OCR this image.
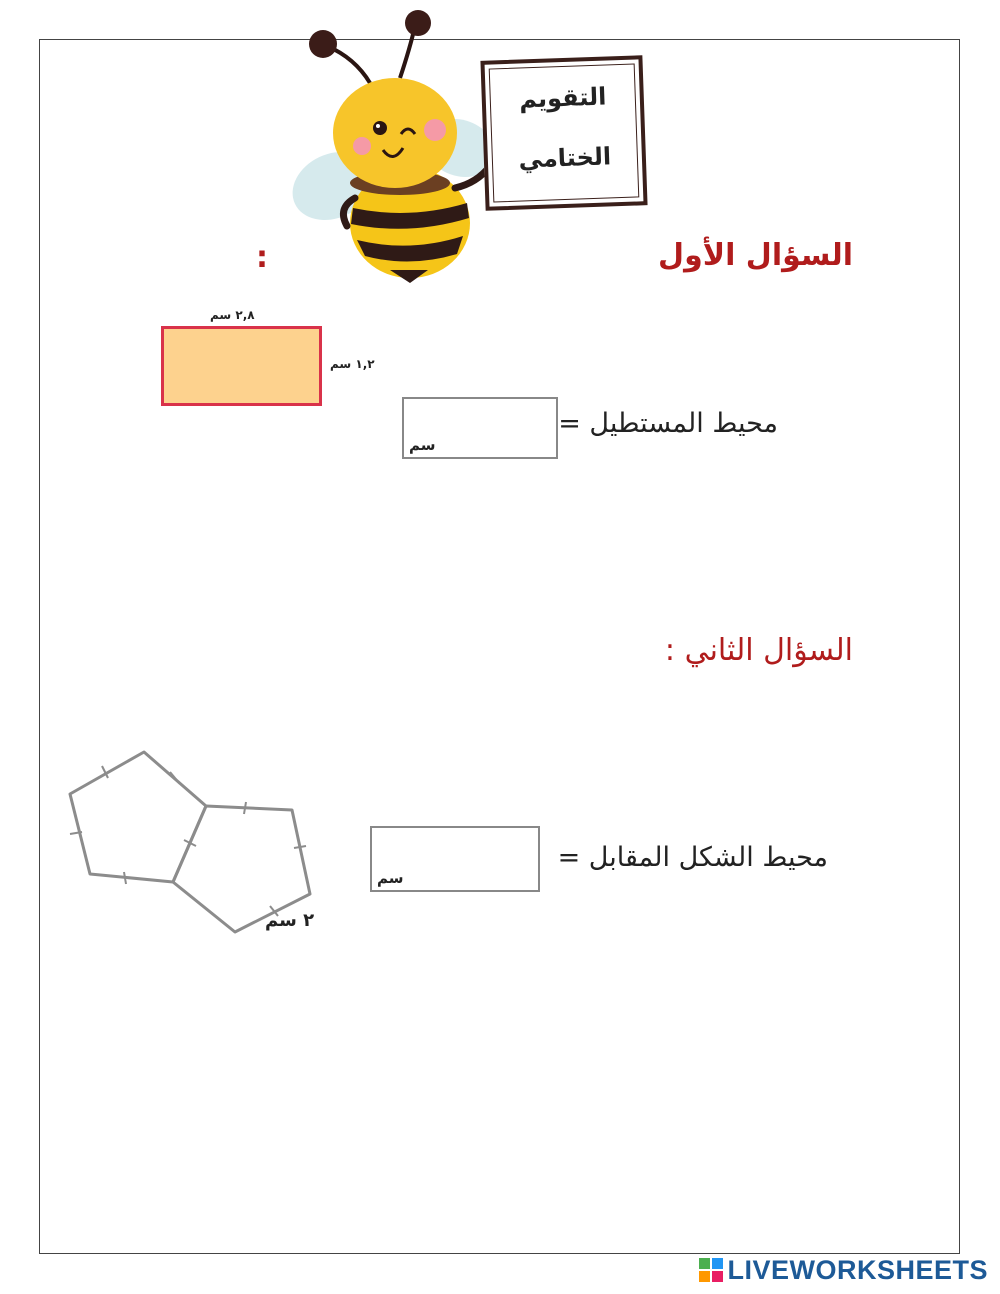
التقويم
الختامي
السؤال الأول
:
٢,٨ سم
١,٢ سم
محيط المستطيل =
سم
السؤال الثاني :
٢ سم
سم
محيط الشكل المقابل =
LIVEWORKSHEETS
